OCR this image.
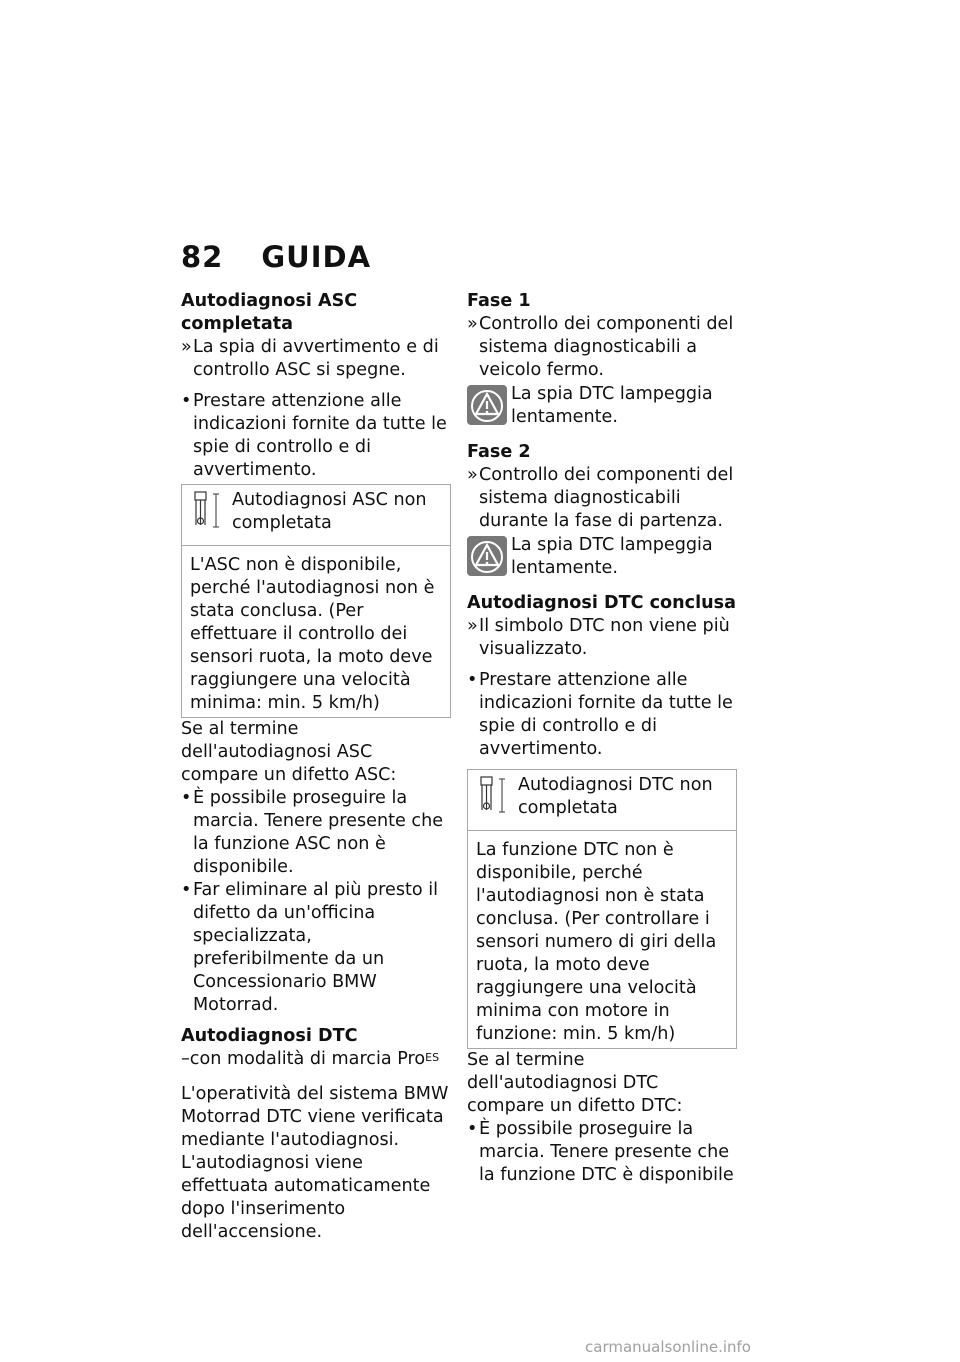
82 GUIDA

Autodiagnosi ASC completata

» La spia di avvertimento e di controllo ASC si spegne.

• Prestare attenzione alle indicazioni fornite da tutte le spie di controllo e di avvertimento.

Autodiagnosi ASC non completata
L'ASC non è disponibile, perché l'autodiagnosi non è stata conclusa. (Per effettuare il controllo dei sensori ruota, la moto deve raggiungere una velocità minima: min. 5 km/h)

Se al termine dell'autodiagnosi ASC compare un difetto ASC:

• È possibile proseguire la marcia. Tenere presente che la funzione ASC non è disponibile.

• Far eliminare al più presto il difetto da un'officina specializzata, preferibilmente da un Concessionario BMW Motorrad.

Autodiagnosi DTC

–con modalità di marcia Pro$^{ES}$

L'operatività del sistema BMW Motorrad DTC viene verificata mediante l'autodiagnosi. L'autodiagnosi viene effettuata automaticamente dopo l'inserimento dell'accensione.

Fase 1

» Controllo dei componenti del sistema diagnosticabili a veicolo fermo.

La spia DTC lampeggia lentamente.

Fase 2

» Controllo dei componenti del sistema diagnosticabili durante la fase di partenza.

La spia DTC lampeggia lentamente.

Autodiagnosi DTC conclusa

» Il simbolo DTC non viene più visualizzato.

• Prestare attenzione alle indicazioni fornite da tutte le spie di controllo e di avvertimento.

Autodiagnosi DTC non completata
La funzione DTC non è disponibile, perché l'autodiagnosi non è stata conclusa. (Per controllare i sensori numero di giri della ruota, la moto deve raggiungere una velocità minima con motore in funzione: min. 5 km/h)

Se al termine dell'autodiagnosi DTC compare un difetto DTC:

• È possibile proseguire la marcia. Tenere presente che la funzione DTC è disponibile

carmanualsonline.info
